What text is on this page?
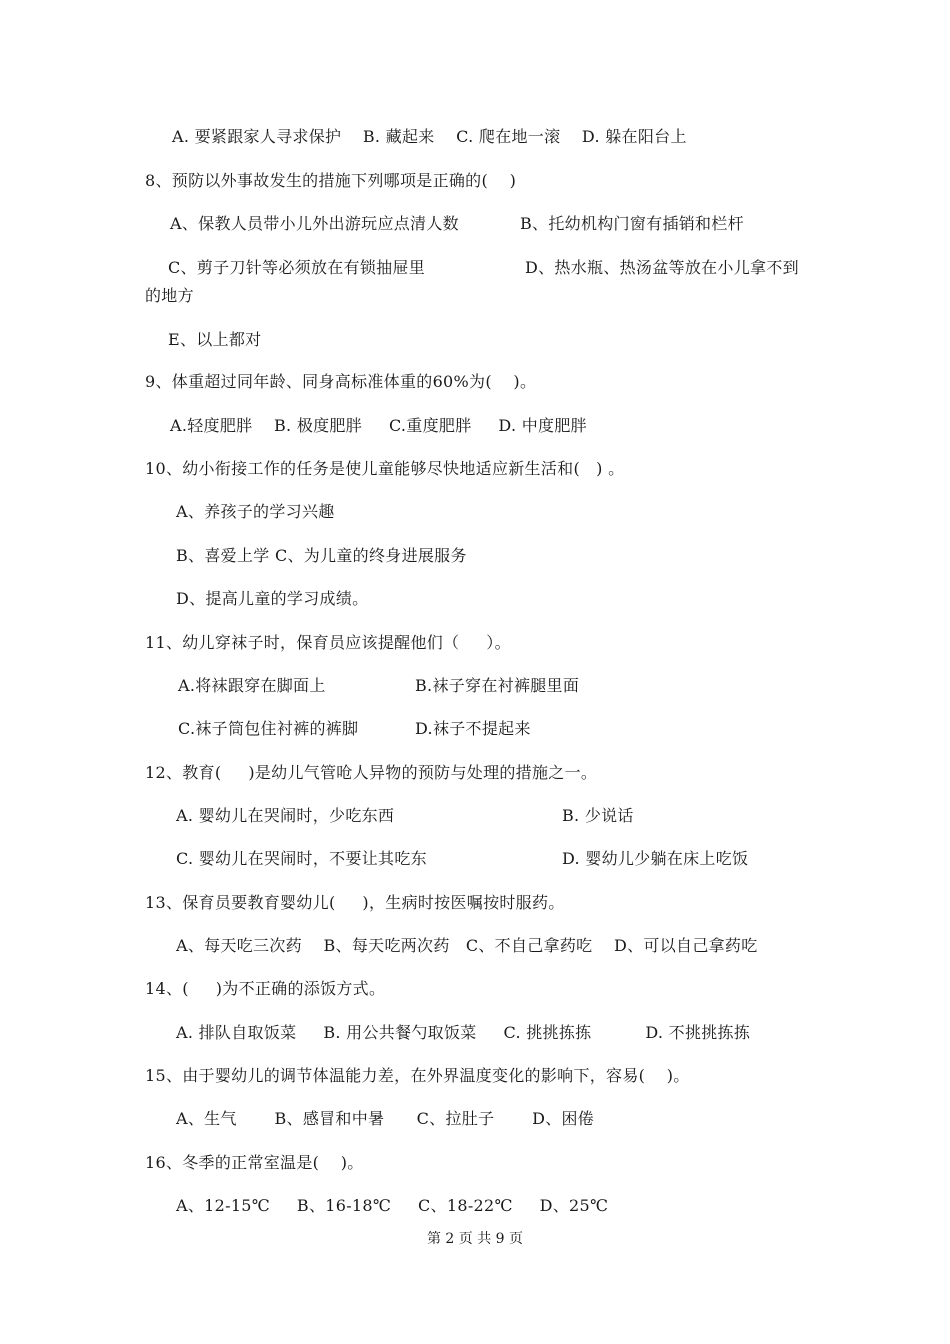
A. 要紧跟家人寻求保护    B. 藏起来    C. 爬在地一滚    D. 躲在阳台上
8、预防以外事故发生的措施下列哪项是正确的(    )
A、保教人员带小儿外出游玩应点清人数	B、托幼机构门窗有插销和栏杆
C、剪子刀针等必须放在有锁抽屉里	D、热水瓶、热汤盆等放在小儿拿不到
的地方
E、以上都对
9、体重超过同年龄、同身高标准体重的60%为(    )。
A.轻度肥胖    B. 极度肥胖     C.重度肥胖     D. 中度肥胖
10、幼小衔接工作的任务是使儿童能够尽快地适应新生活和(   ) 。
A、养孩子的学习兴趣
B、喜爱上学 C、为儿童的终身进展服务
D、提高儿童的学习成绩。
11、幼儿穿袜子时，保育员应该提醒他们（     ）。
A.将袜跟穿在脚面上	B.袜子穿在衬裤腿里面
C.袜子筒包住衬裤的裤脚	D.袜子不提起来
12、教育(     )是幼儿气管呛人异物的预防与处理的措施之一。
A. 婴幼儿在哭闹时，少吃东西	B. 少说话
C. 婴幼儿在哭闹时，不要让其吃东	D. 婴幼儿少躺在床上吃饭
13、保育员要教育婴幼儿(     )，生病时按医嘱按时服药。
A、每天吃三次药    B、每天吃两次药   C、不自己拿药吃    D、可以自己拿药吃
14、(     )为不正确的添饭方式。
A. 排队自取饭菜     B. 用公共餐勺取饭菜     C. 挑挑拣拣          D. 不挑挑拣拣
15、由于婴幼儿的调节体温能力差，在外界温度变化的影响下，容易(    )。
A、生气       B、感冒和中暑      C、拉肚子       D、困倦
16、冬季的正常室温是(    )。
A、12-15℃     B、16-18℃     C、18-22℃     D、25℃
第 2 页 共 9 页
